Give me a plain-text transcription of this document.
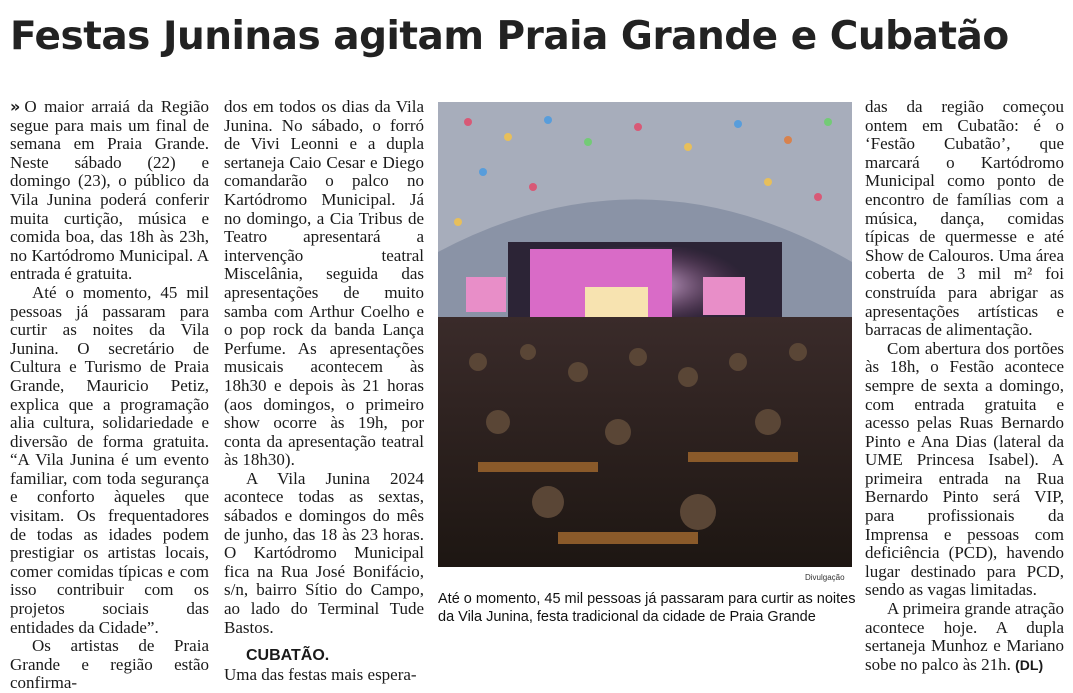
Festas Juninas agitam Praia Grande e Cubatão

» O maior arraiá da Região segue para mais um final de semana em Praia Grande. Neste sábado (22) e domingo (23), o público da Vila Junina poderá conferir muita curtição, música e comida boa, das 18h às 23h, no Kartódromo Municipal. A entrada é gratuita.

Até o momento, 45 mil pessoas já passaram para curtir as noites da Vila Junina. O secretário de Cultura e Turismo de Praia Grande, Mauricio Petiz, explica que a programação alia cultura, solidariedade e diversão de forma gratuita. “A Vila Junina é um evento familiar, com toda segurança e conforto àqueles que visitam. Os frequentadores de todas as idades podem prestigiar os artistas locais, comer comidas típicas e com isso contribuir com os projetos sociais das entidades da Cidade”.

Os artistas de Praia Grande e região estão confirma-

dos em todos os dias da Vila Junina. No sábado, o forró de Vivi Leonni e a dupla sertaneja Caio Cesar e Diego comandarão o palco no Kartódromo Municipal. Já no domingo, a Cia Tribus de Teatro apresentará a intervenção teatral Miscelânia, seguida das apresentações de muito samba com Arthur Coelho e o pop rock da banda Lança Perfume. As apresentações musicais acontecem às 18h30 e depois às 21 horas (aos domingos, o primeiro show ocorre às 19h, por conta da apresentação teatral às 18h30).

A Vila Junina 2024 acontece todas as sextas, sábados e domingos do mês de junho, das 18 às 23 horas. O Kartódromo Municipal fica na Rua José Bonifácio, s/n, bairro Sítio do Campo, ao lado do Terminal Tude Bastos.

CUBATÃO.

Uma das festas mais espera-

Divulgação
Até o momento, 45 mil pessoas já passaram para curtir as noites da Vila Junina, festa tradicional da cidade de Praia Grande

das da região começou ontem em Cubatão: é o ‘Festão Cubatão’, que marcará o Kartódromo Municipal como ponto de encontro de famílias com a música, dança, comidas típicas de quermesse e até Show de Calouros. Uma área coberta de 3 mil m² foi construída para abrigar as apresentações artísticas e barracas de alimentação.

Com abertura dos portões às 18h, o Festão acontece sempre de sexta a domingo, com entrada gratuita e acesso pelas Ruas Bernardo Pinto e Ana Dias (lateral da UME Princesa Isabel). A primeira entrada na Rua Bernardo Pinto será VIP, para profissionais da Imprensa e pessoas com deficiência (PCD), havendo lugar destinado para PCD, sendo as vagas limitadas.

A primeira grande atração acontece hoje. A dupla sertaneja Munhoz e Mariano sobe no palco às 21h. (DL)
